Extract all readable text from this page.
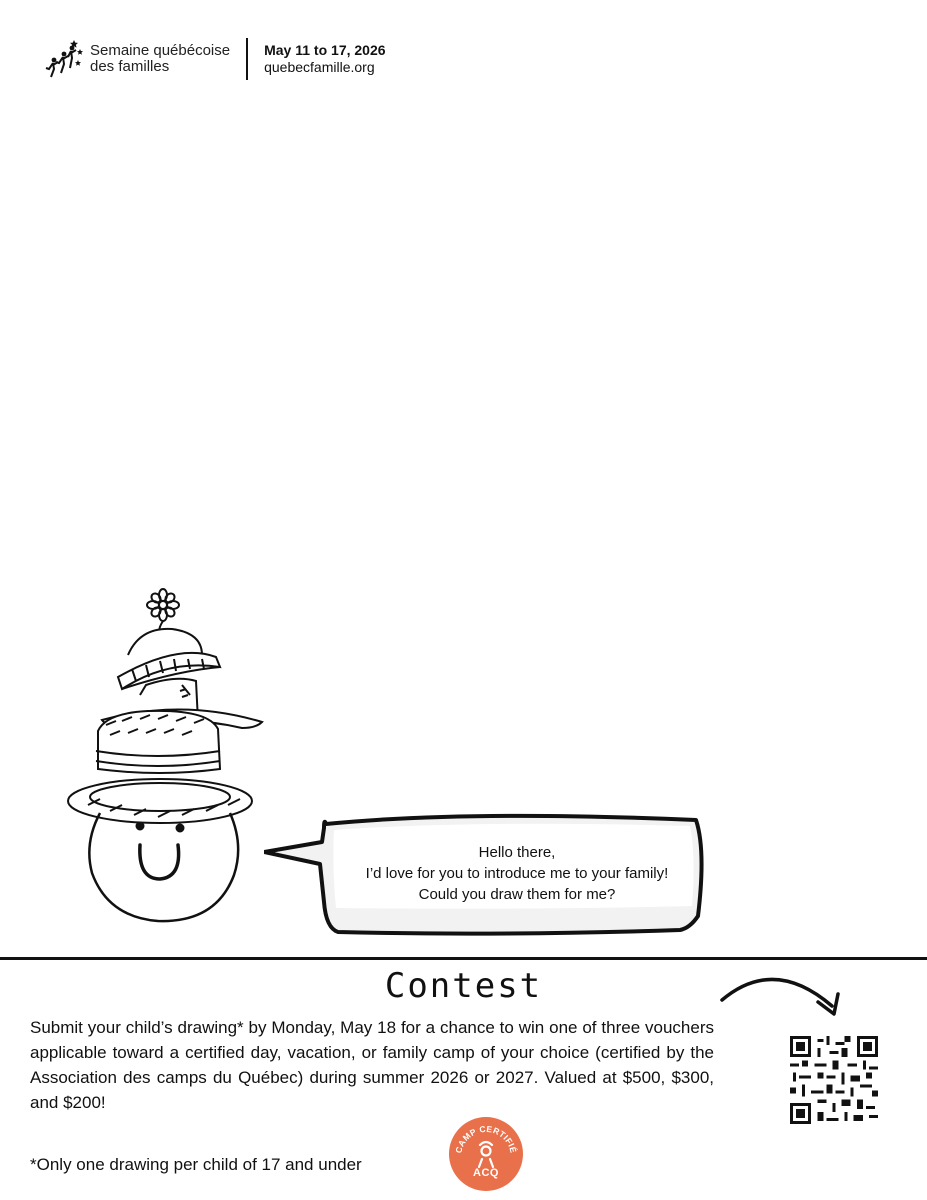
Semaine québécoise
des familles
May 11 to 17, 2026
quebecfamille.org
Hello there,
I’d love for you to introduce me to your family!
Could you draw them for me?
Contest
Submit your child’s drawing* by Monday, May 18 for a chance to win one of three vouchers applicable toward a certified day, vacation, or family camp of your choice (certified by the Association des camps du Québec) during summer 2026 or 2027. Valued at $500, $300, and $200!
*Only one drawing per child of 17 and under
CAMP CERTIFIÉ
ACQ
